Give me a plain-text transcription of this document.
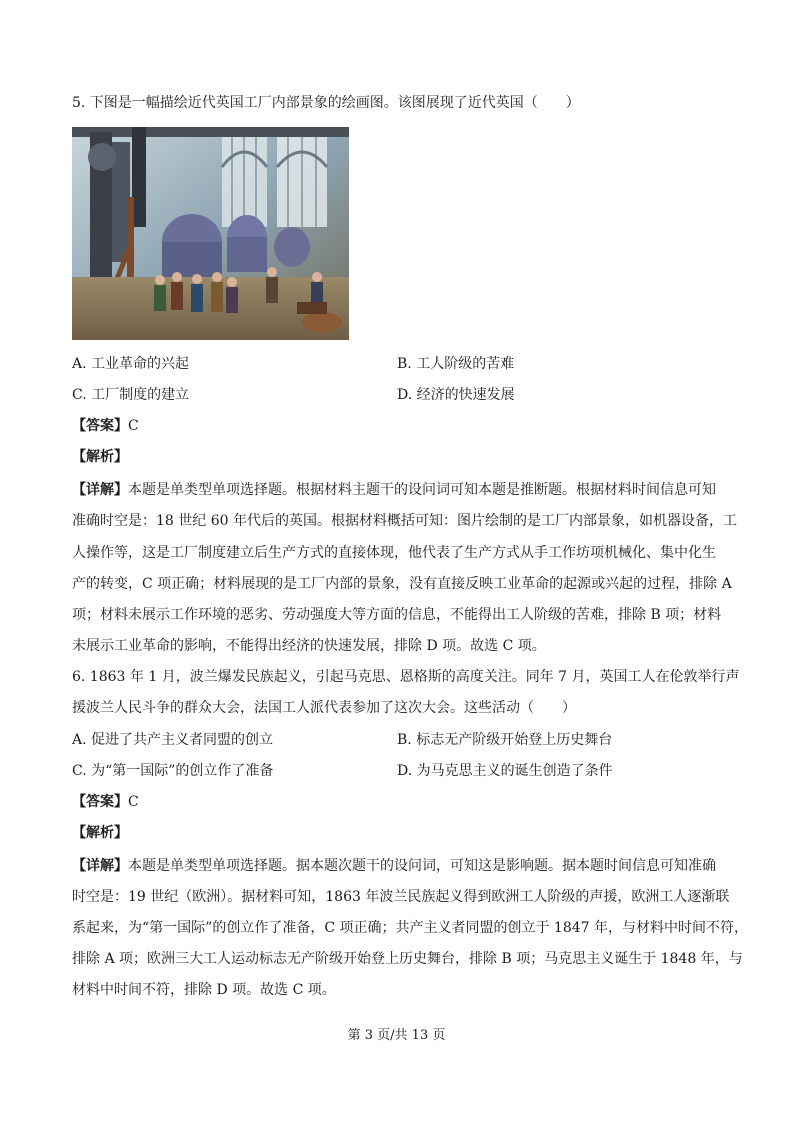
5. 下图是一幅描绘近代英国工厂内部景象的绘画图。该图展现了近代英国（　　）
A. 工业革命的兴起	B. 工人阶级的苦难
C. 工厂制度的建立	D. 经济的快速发展
【答案】C
【解析】
【详解】本题是单类型单项选择题。根据材料主题干的设问词可知本题是推断题。根据材料时间信息可知
准确时空是：18 世纪 60 年代后的英国。根据材料概括可知：图片绘制的是工厂内部景象，如机器设备，工
人操作等，这是工厂制度建立后生产方式的直接体现，他代表了生产方式从手工作坊项机械化、集中化生
产的转变，C 项正确；材料展现的是工厂内部的景象，没有直接反映工业革命的起源或兴起的过程，排除 A
项；材料未展示工作环境的恶劣、劳动强度大等方面的信息，不能得出工人阶级的苦难，排除 B 项；材料
未展示工业革命的影响，不能得出经济的快速发展，排除 D 项。故选 C 项。
6. 1863 年 1 月，波兰爆发民族起义，引起马克思、恩格斯的高度关注。同年 7 月，英国工人在伦敦举行声
援波兰人民斗争的群众大会，法国工人派代表参加了这次大会。这些活动（　　）
A. 促进了共产主义者同盟的创立	B. 标志无产阶级开始登上历史舞台
C. 为“第一国际”的创立作了准备	D. 为马克思主义的诞生创造了条件
【答案】C
【解析】
【详解】本题是单类型单项选择题。据本题次题干的设问词，可知这是影响题。据本题时间信息可知准确
时空是：19 世纪（欧洲）。据材料可知，1863 年波兰民族起义得到欧洲工人阶级的声援，欧洲工人逐渐联
系起来，为“第一国际”的创立作了准备，C 项正确；共产主义者同盟的创立于 1847 年，与材料中时间不符，
排除 A 项；欧洲三大工人运动标志无产阶级开始登上历史舞台，排除 B 项；马克思主义诞生于 1848 年，与
材料中时间不符，排除 D 项。故选 C 项。
第 3 页/共 13 页
